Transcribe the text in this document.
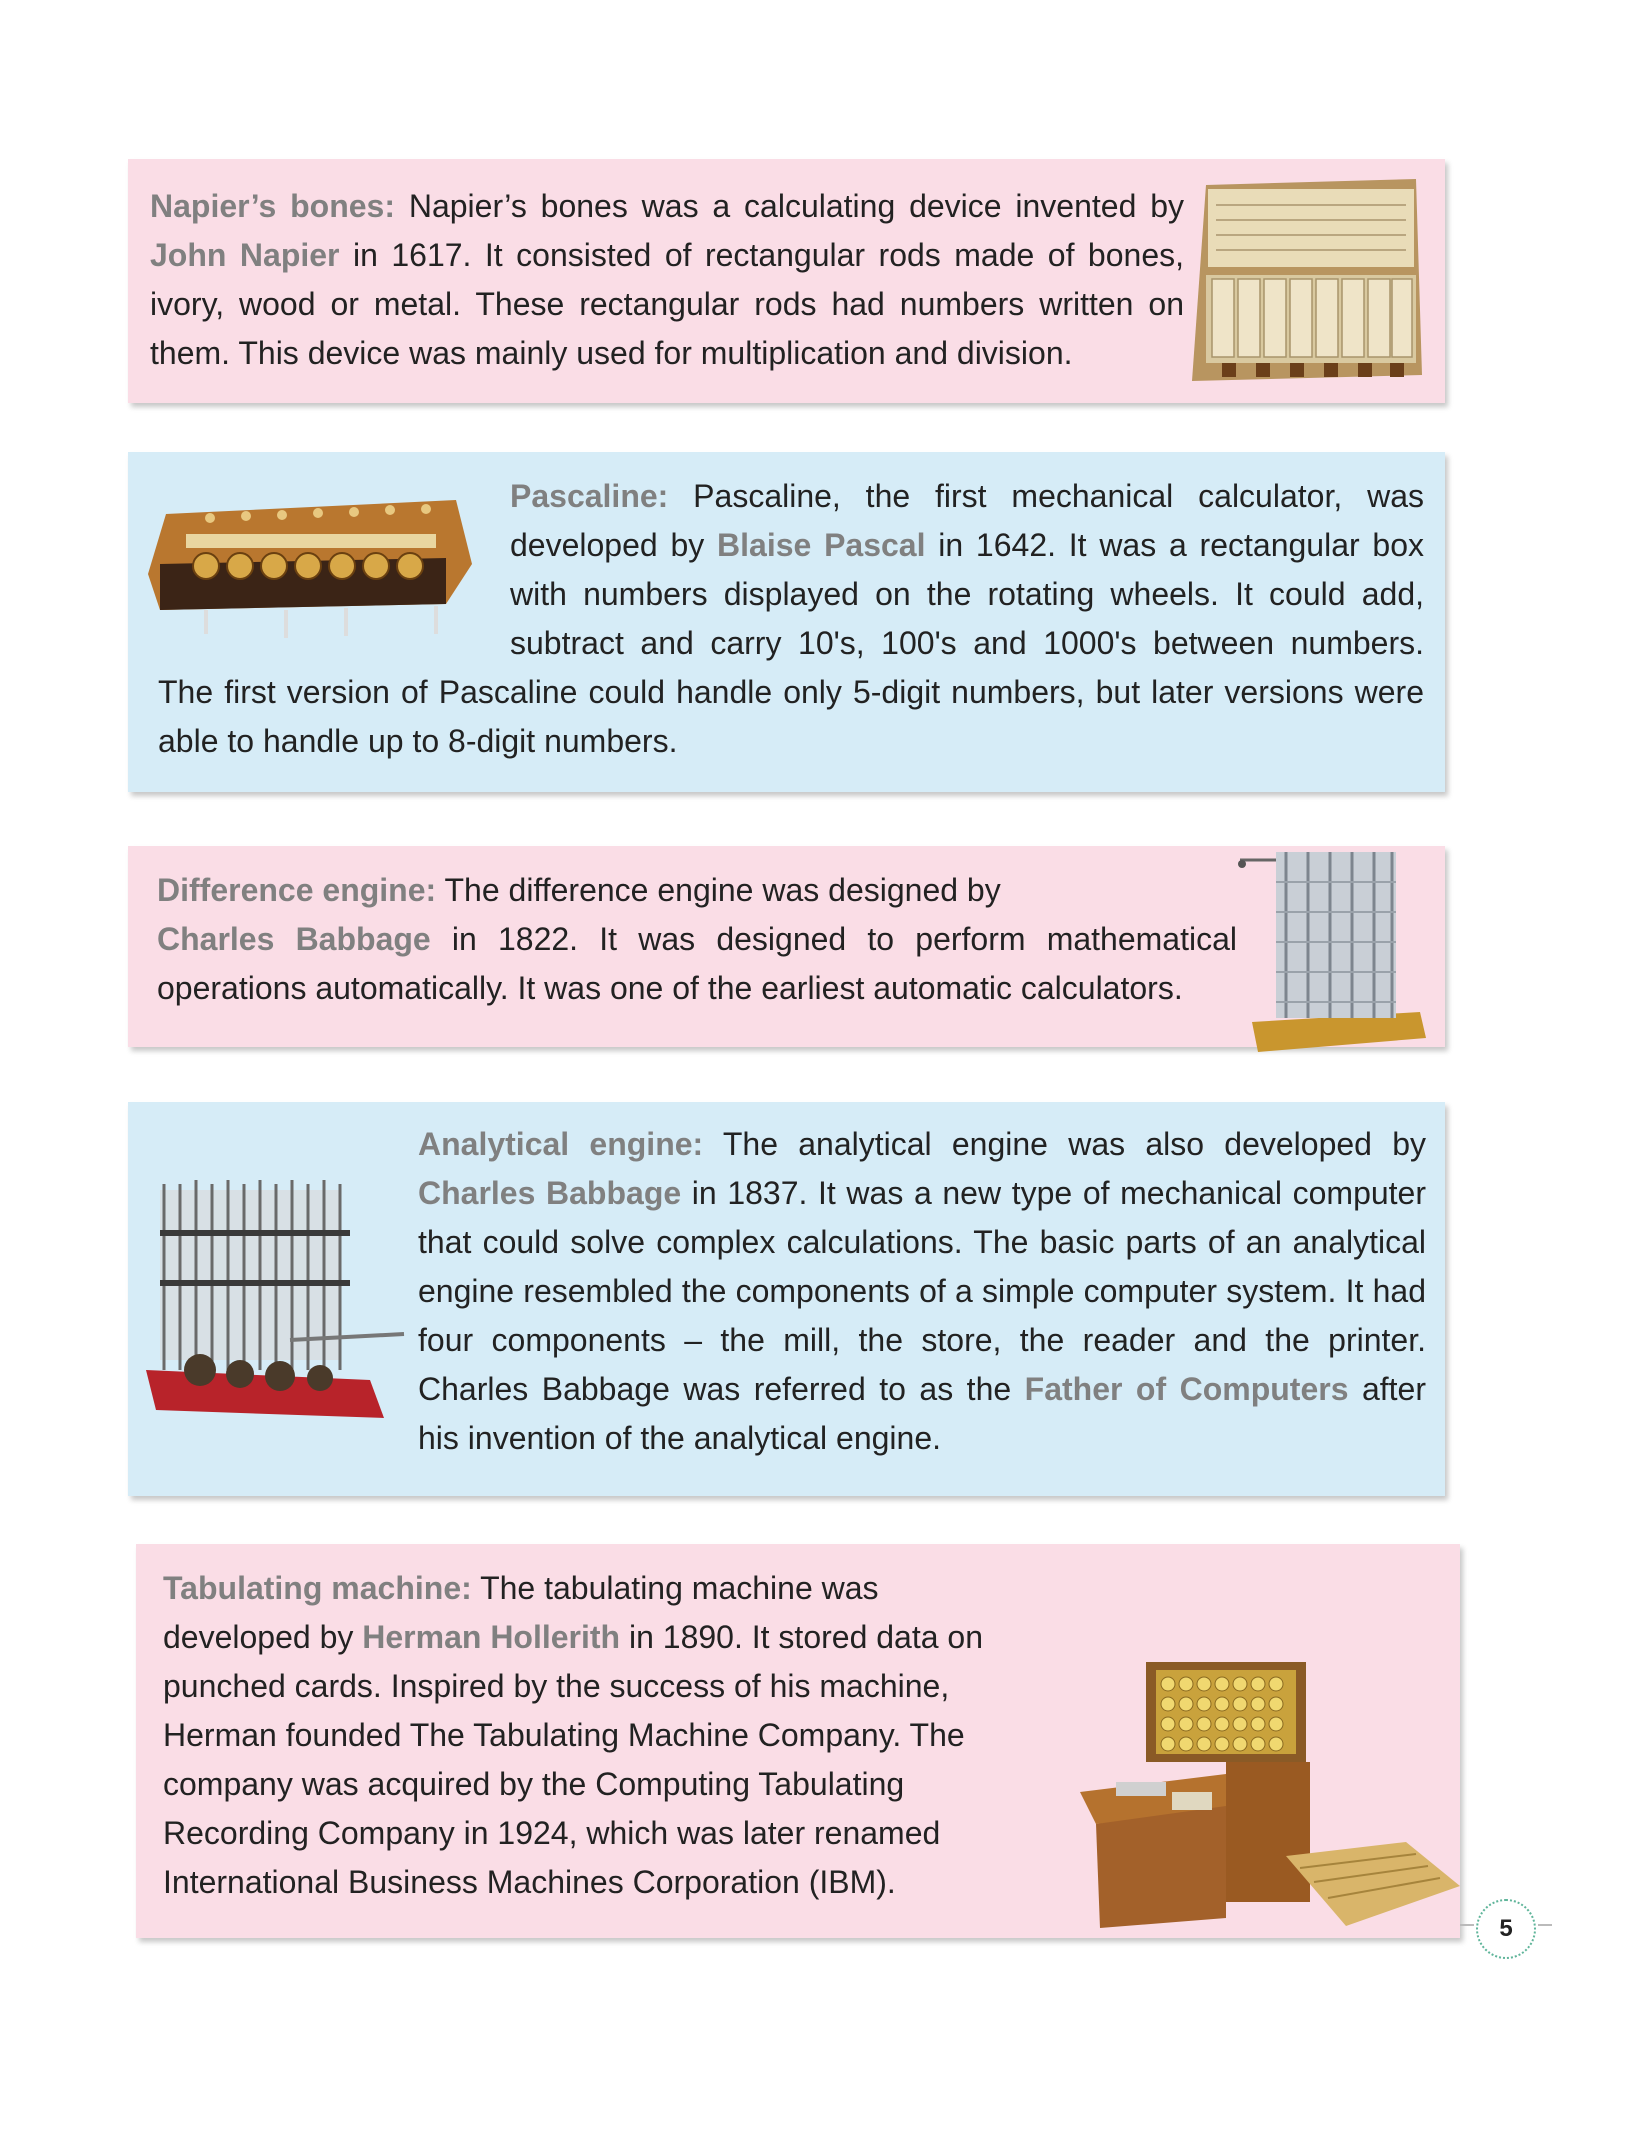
Napier’s bones: Napier’s bones was a calculating device invented by John Napier in 1617. It consisted of rectangular rods made of bones, ivory, wood or metal. These rectangular rods had numbers written on them. This device was mainly used for multiplication and division.
Pascaline: Pascaline, the first mechanical calculator, was developed by Blaise Pascal in 1642. It was a rectangular box with numbers displayed on the rotating wheels. It could add, subtract and carry 10's, 100's and 1000's between numbers. The first version of Pascaline could handle only 5-digit numbers, but later versions were able to handle up to 8-digit numbers.
Difference engine: The difference engine was designed by
Charles Babbage in 1822. It was designed to perform mathematical operations automatically. It was one of the earliest automatic calculators.
Analytical engine: The analytical engine was also developed by Charles Babbage in 1837. It was a new type of mechanical computer that could solve complex calculations. The basic parts of an analytical engine resembled the components of a simple computer system. It had four components – the mill, the store, the reader and the printer. Charles Babbage was referred to as the Father of Computers after his invention of the analytical engine.
Tabulating machine: The tabulating machine was developed by Herman Hollerith in 1890. It stored data on punched cards. Inspired by the success of his machine, Herman founded The Tabulating Machine Company. The company was acquired by the Computing Tabulating Recording Company in 1924, which was later renamed International Business Machines Corporation (IBM).
5
